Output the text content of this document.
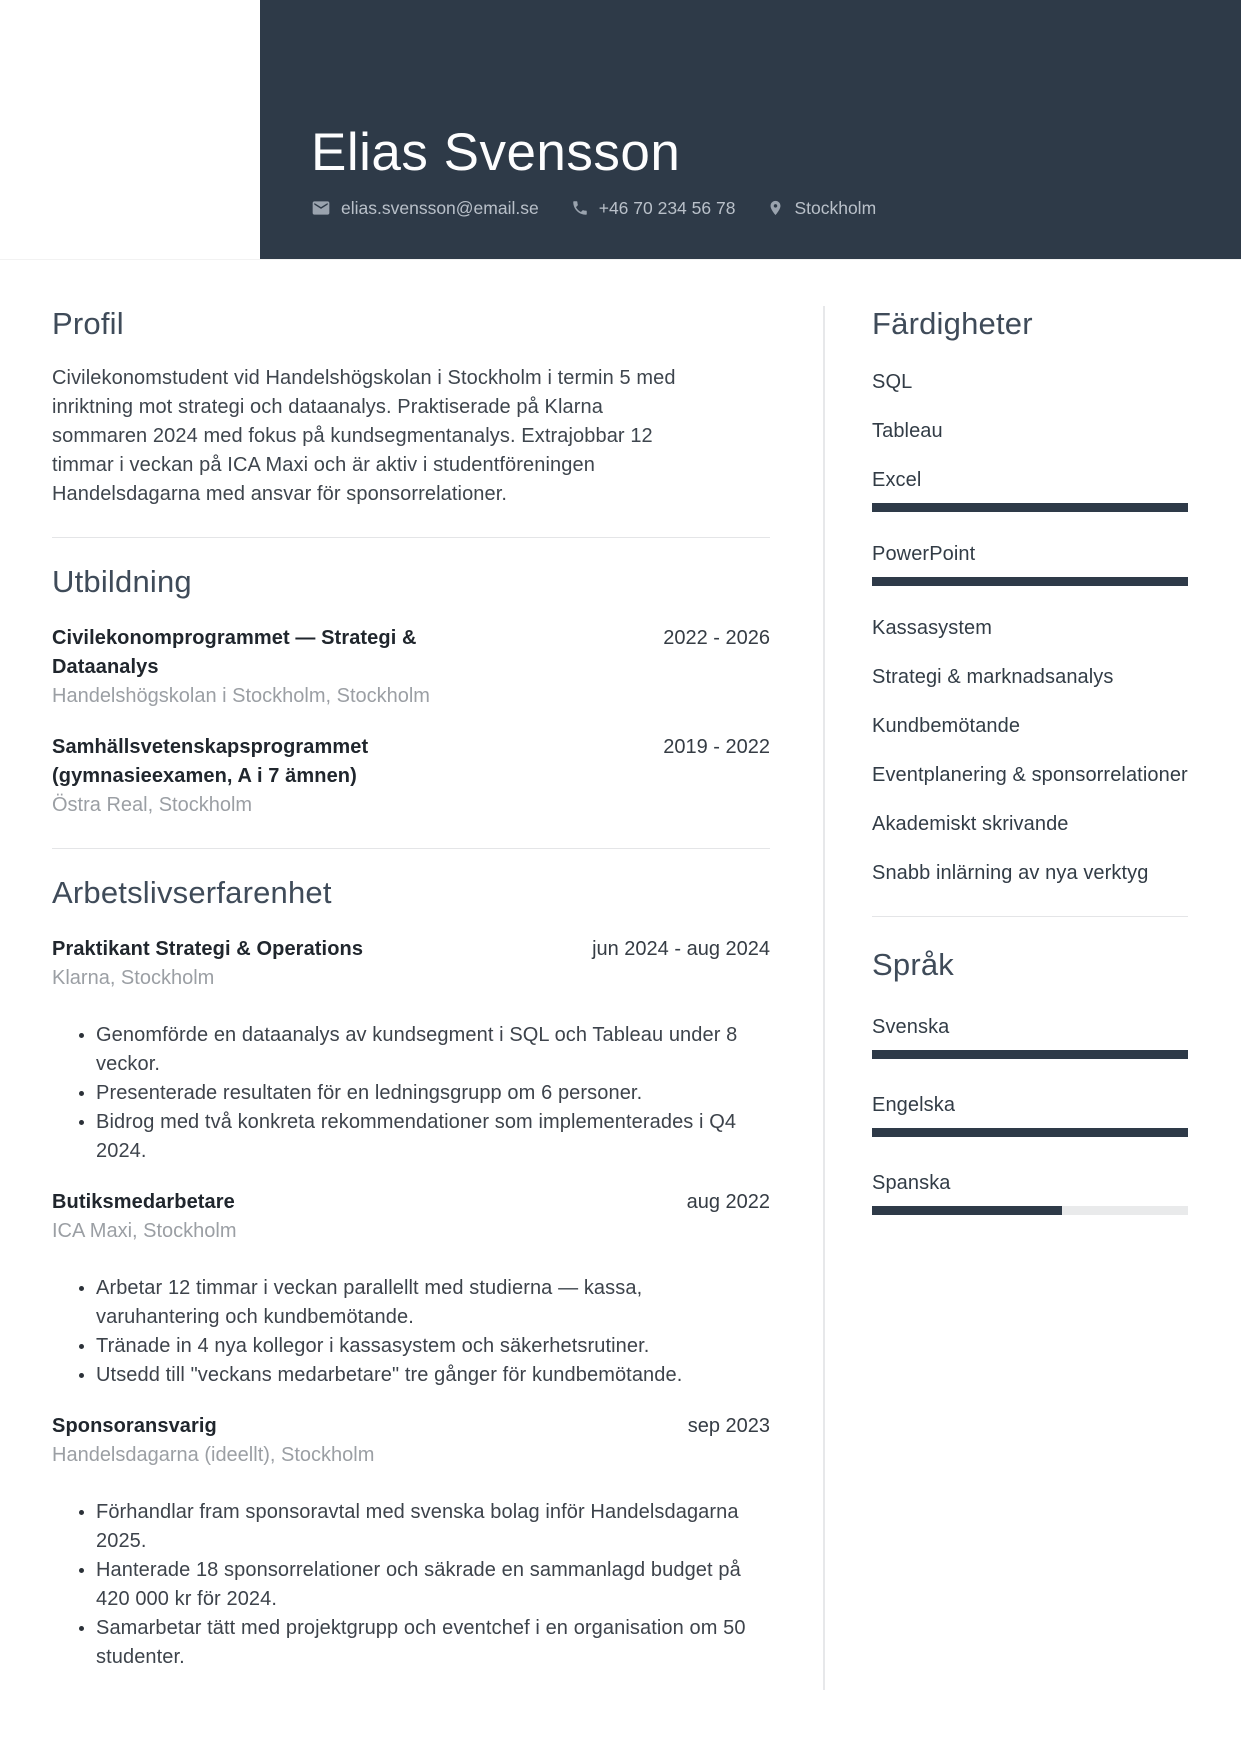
Elias Svensson
elias.svensson@email.se	+46 70 234 56 78	Stockholm
Profil
Civilekonomstudent vid Handelshögskolan i Stockholm i termin 5 med
inriktning mot strategi och dataanalys. Praktiserade på Klarna
sommaren 2024 med fokus på kundsegmentanalys. Extrajobbar 12
timmar i veckan på ICA Maxi och är aktiv i studentföreningen
Handelsdagarna med ansvar för sponsorrelationer.
Utbildning
Civilekonomprogrammet — Strategi & Dataanalys
2022 - 2026
Handelshögskolan i Stockholm, Stockholm
Samhällsvetenskapsprogrammet (gymnasieexamen, A i 7 ämnen)
2019 - 2022
Östra Real, Stockholm
Arbetslivserfarenhet
Praktikant Strategi & Operations	jun 2024 - aug 2024
Klarna, Stockholm
• Genomförde en dataanalys av kundsegment i SQL och Tableau under 8 veckor.
• Presenterade resultaten för en ledningsgrupp om 6 personer.
• Bidrog med två konkreta rekommendationer som implementerades i Q4 2024.
Butiksmedarbetare	aug 2022
ICA Maxi, Stockholm
• Arbetar 12 timmar i veckan parallellt med studierna — kassa, varuhantering och kundbemötande.
• Tränade in 4 nya kollegor i kassasystem och säkerhetsrutiner.
• Utsedd till "veckans medarbetare" tre gånger för kundbemötande.
Sponsoransvarig	sep 2023
Handelsdagarna (ideellt), Stockholm
• Förhandlar fram sponsoravtal med svenska bolag inför Handelsdagarna 2025.
• Hanterade 18 sponsorrelationer och säkrade en sammanlagd budget på 420 000 kr för 2024.
• Samarbetar tätt med projektgrupp och eventchef i en organisation om 50 studenter.
Färdigheter
SQL
Tableau
Excel
PowerPoint
Kassasystem
Strategi & marknadsanalys
Kundbemötande
Eventplanering & sponsorrelationer
Akademiskt skrivande
Snabb inlärning av nya verktyg
Språk
Svenska
Engelska
Spanska
